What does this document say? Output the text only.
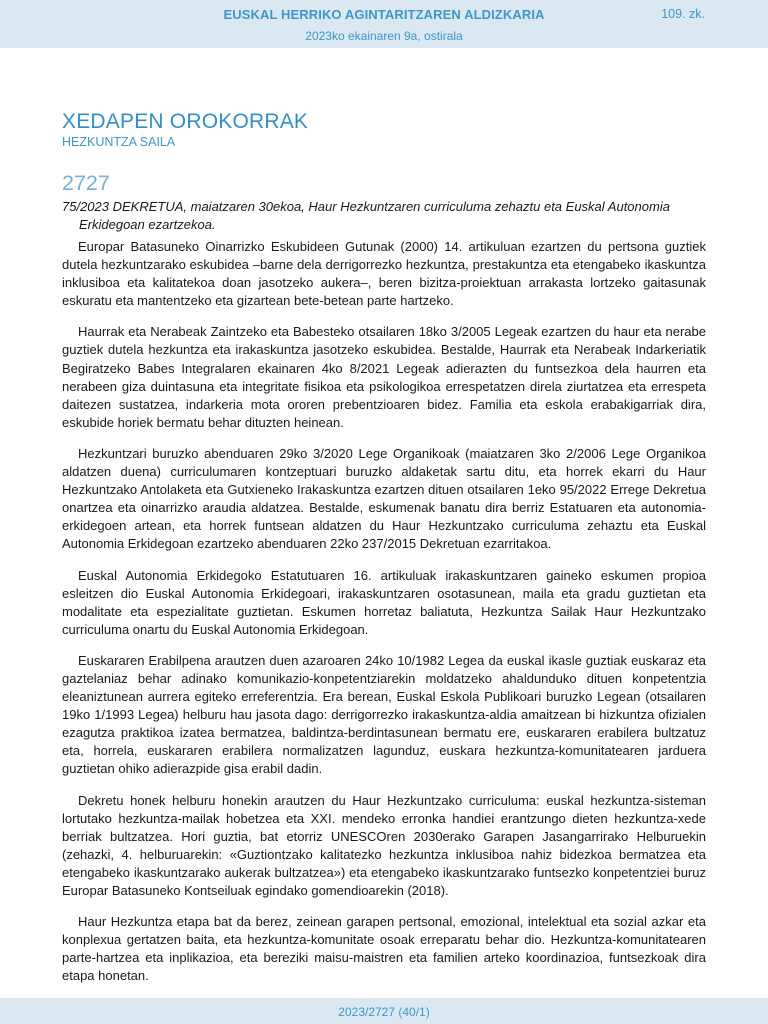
EUSKAL HERRIKO AGINTARITZAREN ALDIZKARIA	109. zk.
2023ko ekainaren 9a, ostirala
XEDAPEN OROKORRAK
HEZKUNTZA SAILA
2727
75/2023 DEKRETUA, maiatzaren 30ekoa, Haur Hezkuntzaren curriculuma zehaztu eta Euskal Autonomia Erkidegoan ezartzekoa.

Europar Batasuneko Oinarrizko Eskubideen Gutunak (2000) 14. artikuluan ezartzen du pertsona guztiek dutela hezkuntzarako eskubidea –barne dela derrigorrezko hezkuntza, prestakuntza eta etengabeko ikaskuntza inklusiboa eta kalitatekoa doan jasotzeko aukera–, beren bizitza-proiektuan arrakasta lortzeko gaitasunak eskuratu eta mantentzeko eta gizartean bete-betean parte hartzeko.

Haurrak eta Nerabeak Zaintzeko eta Babesteko otsailaren 18ko 3/2005 Legeak ezartzen du haur eta nerabe guztiek dutela hezkuntza eta irakaskuntza jasotzeko eskubidea. Bestalde, Haurrak eta Nerabeak Indarkeriatik Begiratzeko Babes Integralaren ekainaren 4ko 8/2021 Legeak adierazten du funtsezkoa dela haurren eta nerabeen giza duintasuna eta integritate fisikoa eta psikologikoa errespetatzen direla ziurtatzea eta errespeta daitezen sustatzea, indarkeria mota ororen prebentzioaren bidez. Familia eta eskola erabakigarriak dira, eskubide horiek bermatu behar dituzten heinean.

Hezkuntzari buruzko abenduaren 29ko 3/2020 Lege Organikoak (maiatzaren 3ko 2/2006 Lege Organikoa aldatzen duena) curriculumaren kontzeptuari buruzko aldaketak sartu ditu, eta horrek ekarri du Haur Hezkuntzako Antolaketa eta Gutxieneko Irakaskuntza ezartzen dituen otsailaren 1eko 95/2022 Errege Dekretua onartzea eta oinarrizko araudia aldatzea. Bestalde, eskumenak banatu dira berriz Estatuaren eta autonomia-erkidegoen artean, eta horrek funtsean aldatzen du Haur Hezkuntzako curriculuma zehaztu eta Euskal Autonomia Erkidegoan ezartzeko abenduaren 22ko 237/2015 Dekretuan ezarritakoa.

Euskal Autonomia Erkidegoko Estatutuaren 16. artikuluak irakaskuntzaren gaineko eskumen propioa esleitzen dio Euskal Autonomia Erkidegoari, irakaskuntzaren osotasunean, maila eta gradu guztietan eta modalitate eta espezialitate guztietan. Eskumen horretaz baliatuta, Hezkuntza Sailak Haur Hezkuntzako curriculuma onartu du Euskal Autonomia Erkidegoan.

Euskararen Erabilpena arautzen duen azaroaren 24ko 10/1982 Legea da euskal ikasle guztiak euskaraz eta gaztelaniaz behar adinako komunikazio-konpetentziarekin moldatzeko ahaldunduko dituen konpetentzia eleaniztunean aurrera egiteko erreferentzia. Era berean, Euskal Eskola Publikoari buruzko Legean (otsailaren 19ko 1/1993 Legea) helburu hau jasota dago: derrigorrezko irakaskuntza-aldia amaitzean bi hizkuntza ofizialen ezagutza praktikoa izatea bermatzea, baldintza-berdintasunean bermatu ere, euskararen erabilera bultzatuz eta, horrela, euskararen erabilera normalizatzen lagunduz, euskara hezkuntza-komunitatearen jarduera guztietan ohiko adierazpide gisa erabil dadin.

Dekretu honek helburu honekin arautzen du Haur Hezkuntzako curriculuma: euskal hezkuntza-sisteman lortutako hezkuntza-mailak hobetzea eta XXI. mendeko erronka handiei erantzungo dieten hezkuntza-xede berriak bultzatzea. Hori guztia, bat etorriz UNESCOren 2030erako Garapen Jasangarrirako Helburuekin (zehazki, 4. helburuarekin: «Guztiontzako kalitatezko hezkuntza inklusiboa nahiz bidezkoa bermatzea eta etengabeko ikaskuntzarako aukerak bultzatzea») eta etengabeko ikaskuntzarako funtsezko konpetentziei buruz Europar Batasuneko Kontseiluak egindako gomendioarekin (2018).

Haur Hezkuntza etapa bat da berez, zeinean garapen pertsonal, emozional, intelektual eta sozial azkar eta konplexua gertatzen baita, eta hezkuntza-komunitate osoak erreparatu behar dio. Hezkuntza-komunitatearen parte-hartzea eta inplikazioa, eta bereziki maisu-maistren eta familien arteko koordinazioa, funtsezkoak dira etapa honetan.

2023/2727 (40/1)
